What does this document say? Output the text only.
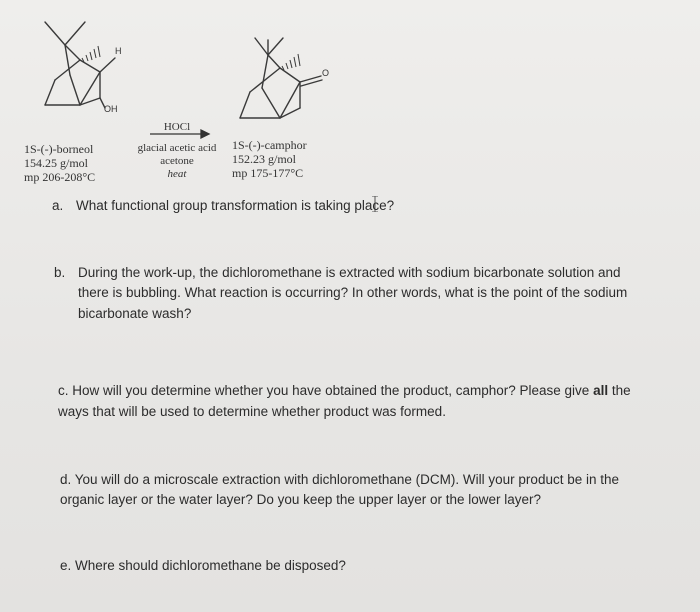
OH
H
O
1S-(-)-borneol
154.25 g/mol
mp 206-208°C
HOCl
glacial acetic acid
acetone
heat
1S-(-)-camphor
152.23 g/mol
mp 175-177°C
a. What functional group transformation is taking place?
b. During the work-up, the dichloromethane is extracted with sodium bicarbonate solution and
there is bubbling. What reaction is occurring? In other words, what is the point of the sodium
bicarbonate wash?
c. How will you determine whether you have obtained the product, camphor? Please give all the
ways that will be used to determine whether product was formed.
d. You will do a microscale extraction with dichloromethane (DCM). Will your product be in the
organic layer or the water layer? Do you keep the upper layer or the lower layer?
e. Where should dichloromethane be disposed?
